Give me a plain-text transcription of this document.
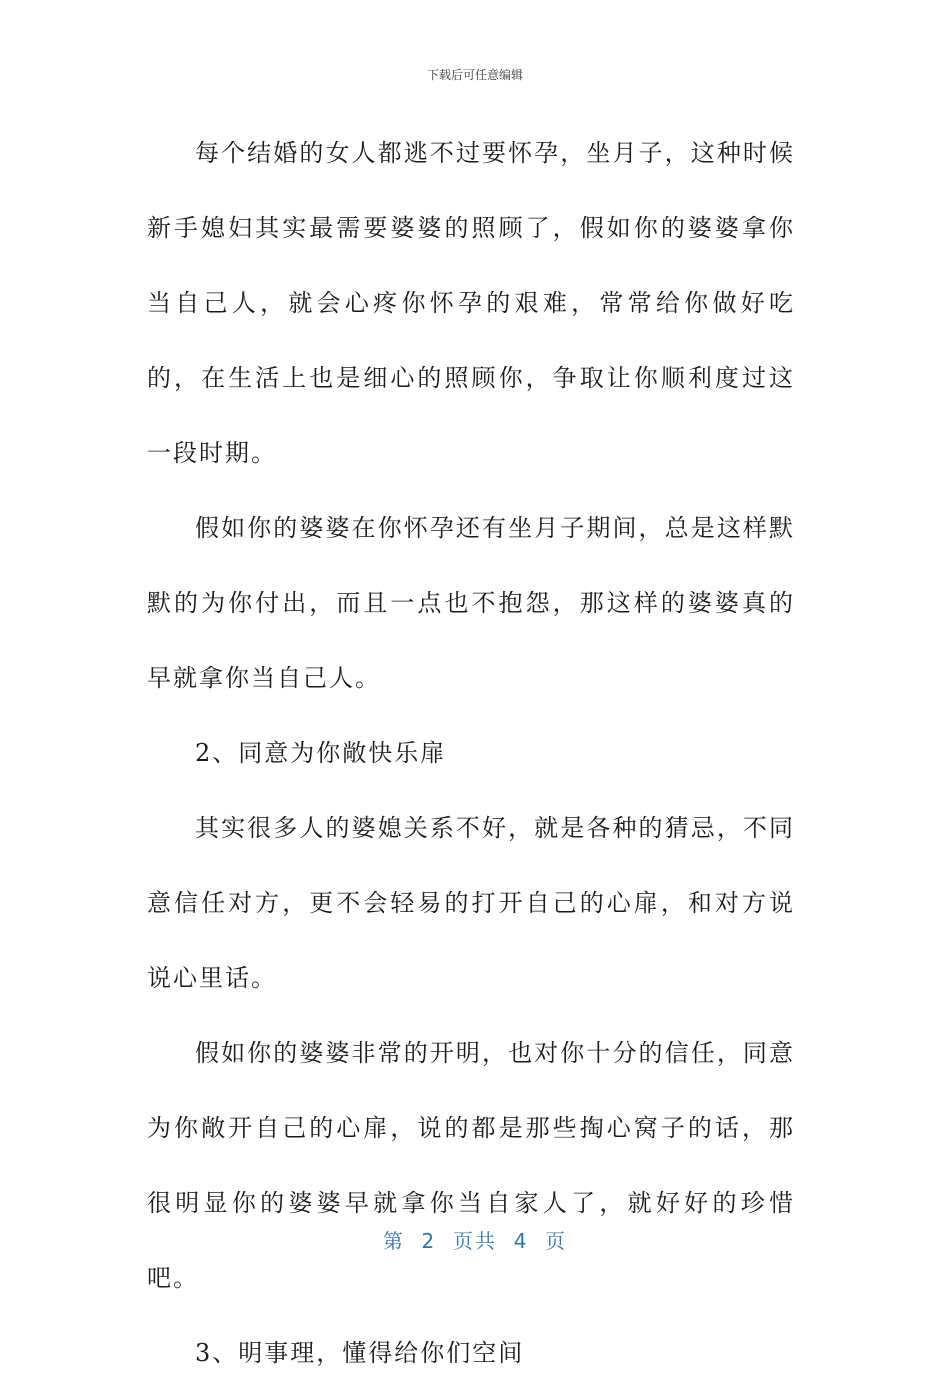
下载后可任意编辑

每个结婚的女人都逃不过要怀孕，坐月子，这种时候新手媳妇其实最需要婆婆的照顾了，假如你的婆婆拿你当自己人，就会心疼你怀孕的艰难，常常给你做好吃的，在生活上也是细心的照顾你，争取让你顺利度过这一段时期。

假如你的婆婆在你怀孕还有坐月子期间，总是这样默默的为你付出，而且一点也不抱怨，那这样的婆婆真的早就拿你当自己人。

2、同意为你敞快乐扉

其实很多人的婆媳关系不好，就是各种的猜忌，不同意信任对方，更不会轻易的打开自己的心扉，和对方说说心里话。

假如你的婆婆非常的开明，也对你十分的信任，同意为你敞开自己的心扉，说的都是那些掏心窝子的话，那很明显你的婆婆早就拿你当自家人了，就好好的珍惜吧。

3、明事理，懂得给你们空间

第  2  页共  4  页
